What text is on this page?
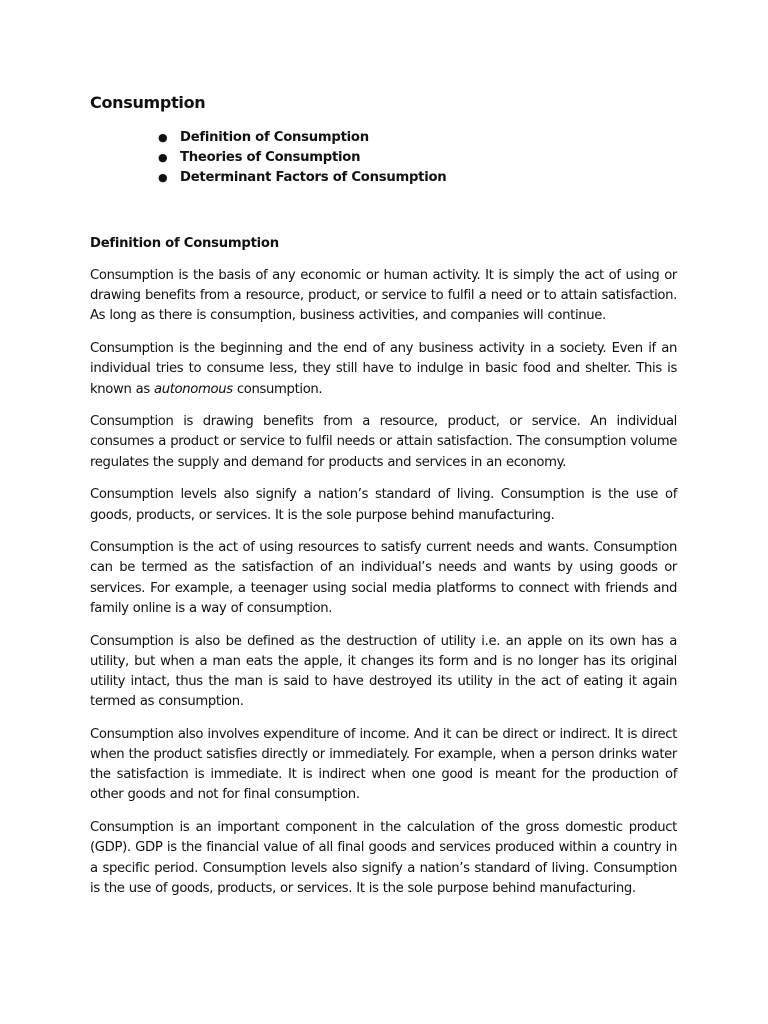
Consumption
● Definition of Consumption
● Theories of Consumption
● Determinant Factors of Consumption
Definition of Consumption

Consumption is the basis of any economic or human activity. It is simply the act of using or drawing benefits from a resource, product, or service to fulfil a need or to attain satisfaction. As long as there is consumption, business activities, and companies will continue.

Consumption is the beginning and the end of any business activity in a society. Even if an individual tries to consume less, they still have to indulge in basic food and shelter. This is known as autonomous consumption.

Consumption is drawing benefits from a resource, product, or service. An individual consumes a product or service to fulfil needs or attain satisfaction. The consumption volume regulates the supply and demand for products and services in an economy.

Consumption levels also signify a nation’s standard of living. Consumption is the use of goods, products, or services. It is the sole purpose behind manufacturing.

Consumption is the act of using resources to satisfy current needs and wants. Consumption can be termed as the satisfaction of an individual’s needs and wants by using goods or services. For example, a teenager using social media platforms to connect with friends and family online is a way of consumption.

Consumption is also be defined as the destruction of utility i.e. an apple on its own has a utility, but when a man eats the apple, it changes its form and is no longer has its original utility intact, thus the man is said to have destroyed its utility in the act of eating it again termed as consumption.

Consumption also involves expenditure of income. And it can be direct or indirect. It is direct when the product satisfies directly or immediately. For example, when a person drinks water the satisfaction is immediate. It is indirect when one good is meant for the production of other goods and not for final consumption.

Consumption is an important component in the calculation of the gross domestic product (GDP). GDP is the financial value of all final goods and services produced within a country in a specific period. Consumption levels also signify a nation’s standard of living. Consumption is the use of goods, products, or services. It is the sole purpose behind manufacturing.
